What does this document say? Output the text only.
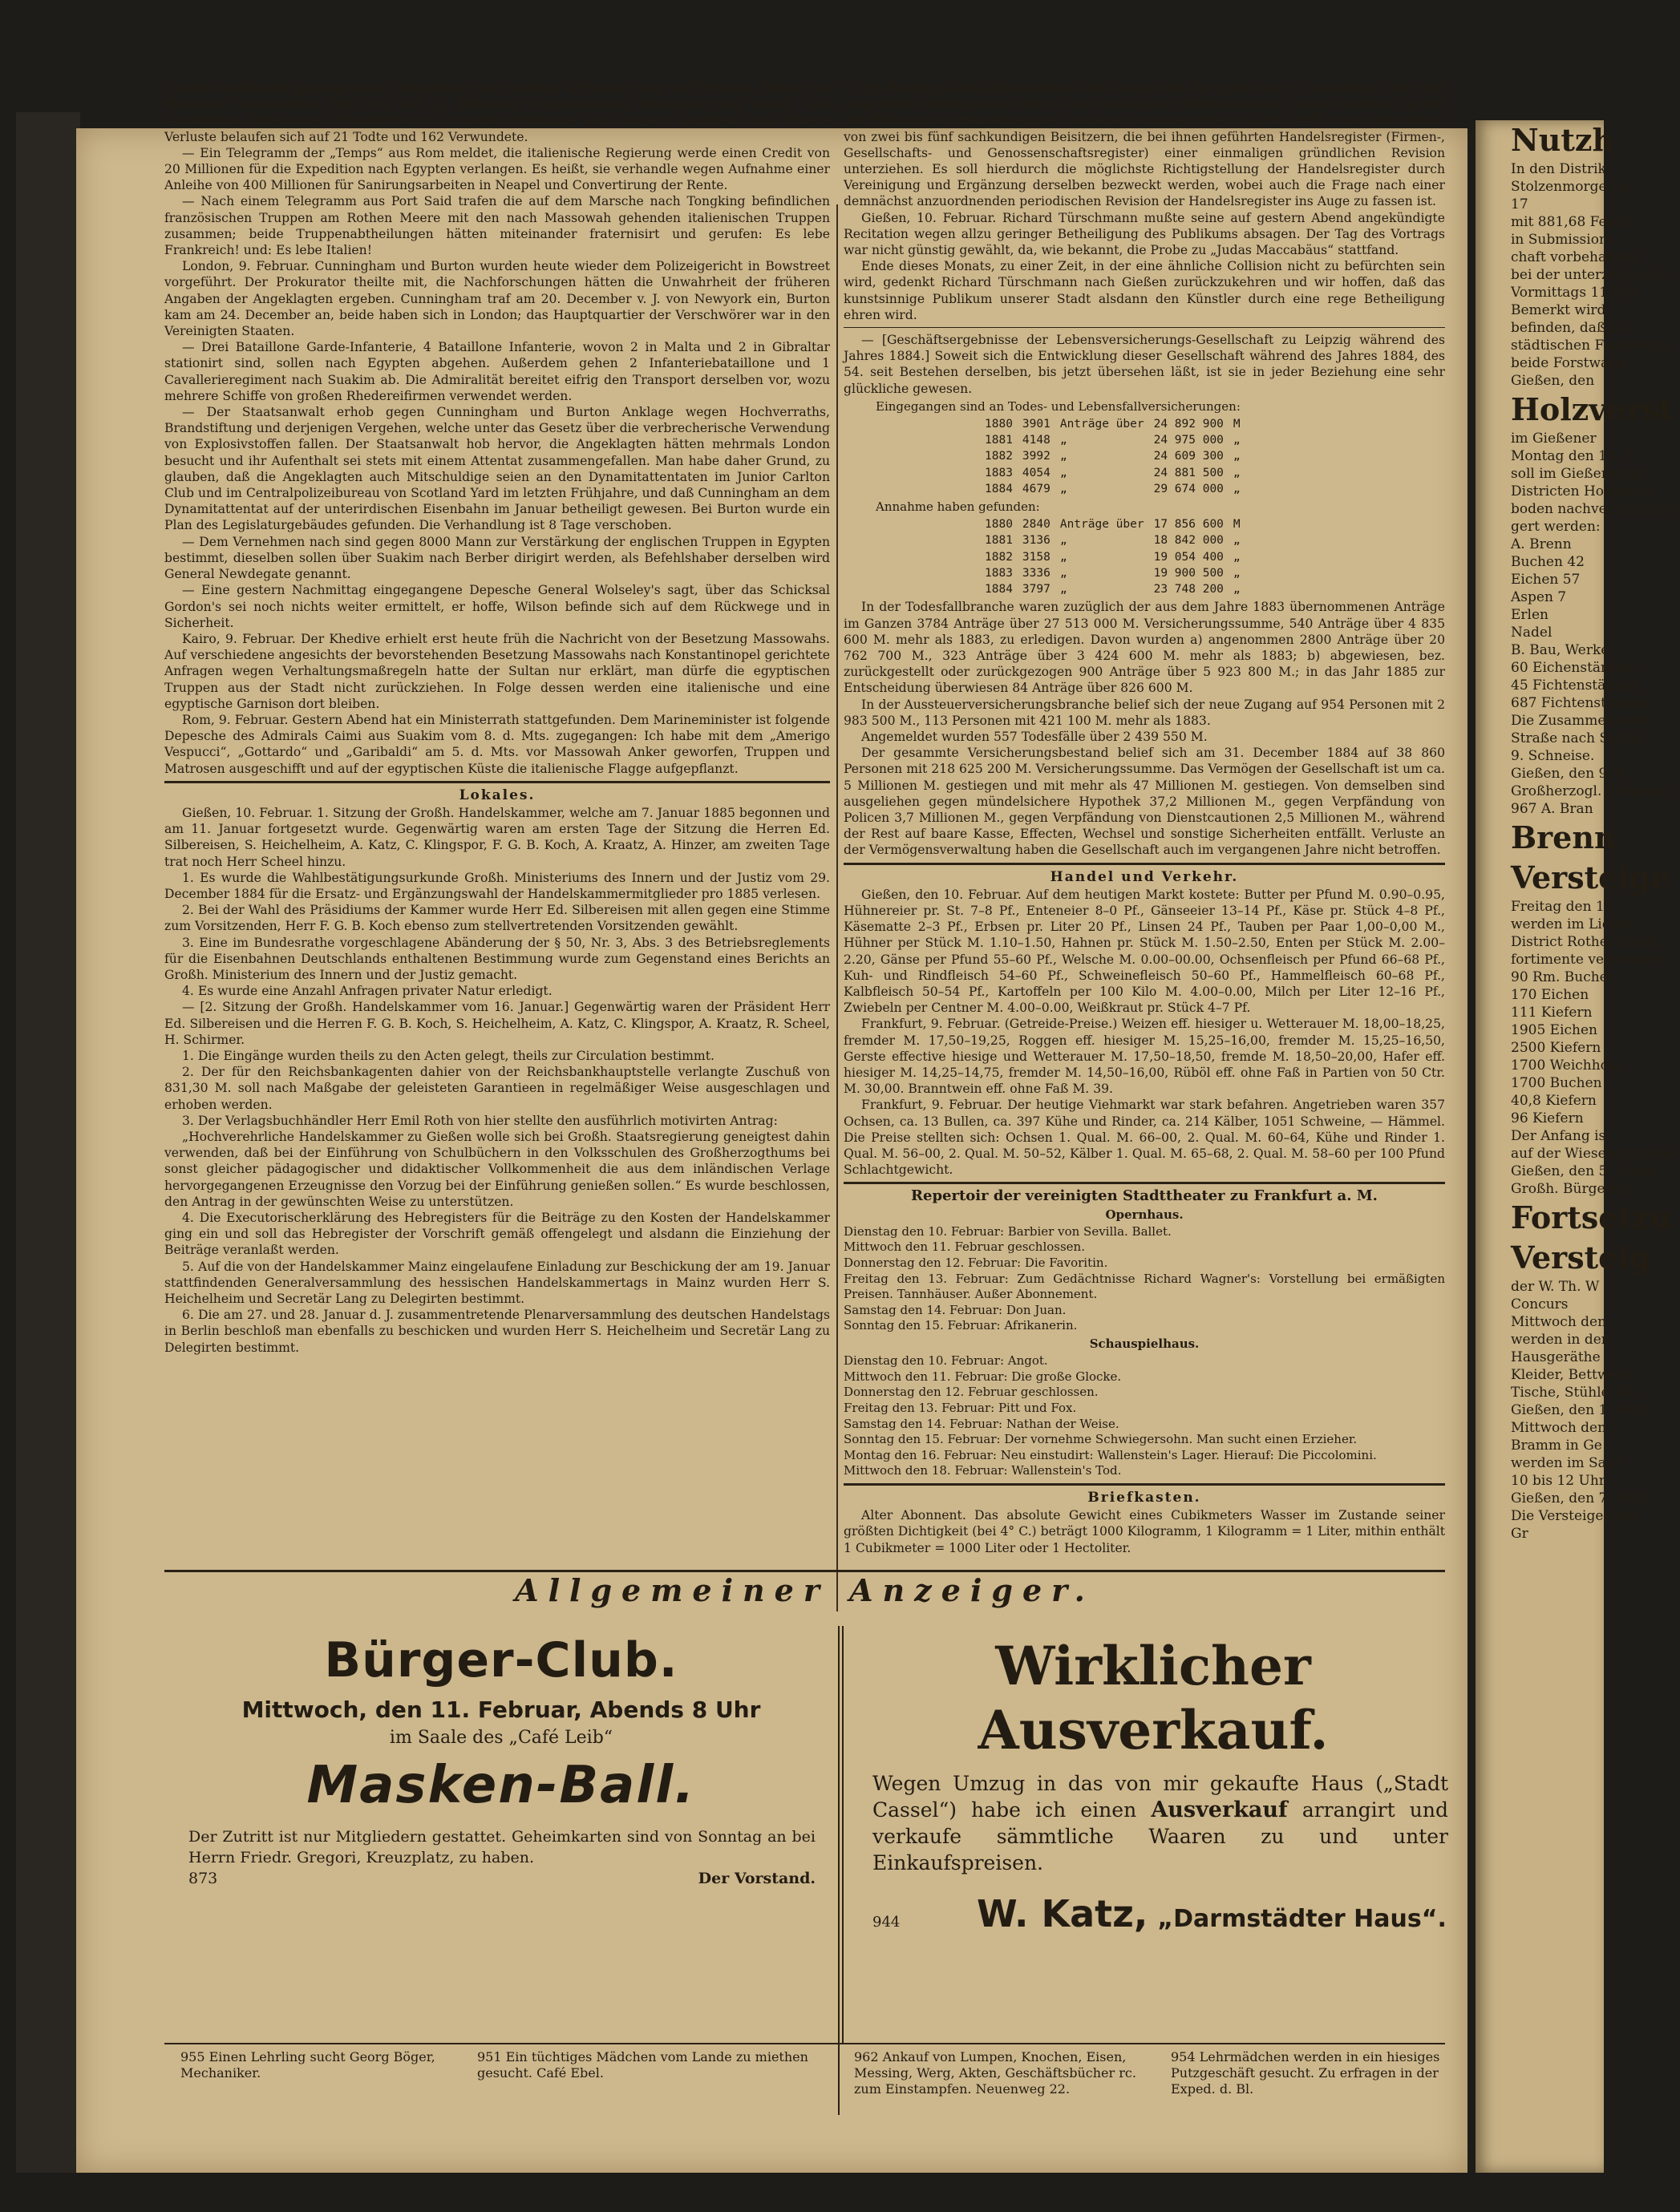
Feinde ohne Kampf geräumt waren, durchsucht und zerstört. Wir haben sehr viel Proviant, Pulver und Munition, vorgefunden. Eine bis auf 12 Kilometer vorgenommene Recognoscirung ergab, daß sämmtliche chinesischen Streitkräfte in schnellem Rückzuge auf Langson begriffen sind. Unsere Verluste belaufen sich auf 21 Todte und 162 Verwundete.

— Ein Telegramm der „Temps“ aus Rom meldet, die italienische Regierung werde einen Credit von 20 Millionen für die Expedition nach Egypten verlangen. Es heißt, sie verhandle wegen Aufnahme einer Anleihe von 400 Millionen für Sanirungsarbeiten in Neapel und Convertirung der Rente.

— Nach einem Telegramm aus Port Said trafen die auf dem Marsche nach Tongking befindlichen französischen Truppen am Rothen Meere mit den nach Massowah gehenden italienischen Truppen zusammen; beide Truppenabtheilungen hätten miteinander fraternisirt und gerufen: Es lebe Frankreich! und: Es lebe Italien!

London, 9. Februar. Cunningham und Burton wurden heute wieder dem Polizeigericht in Bowstreet vorgeführt. Der Prokurator theilte mit, die Nachforschungen hätten die Unwahrheit der früheren Angaben der Angeklagten ergeben. Cunningham traf am 20. December v. J. von Newyork ein, Burton kam am 24. December an, beide haben sich in London; das Hauptquartier der Verschwörer war in den Vereinigten Staaten.

— Drei Bataillone Garde-Infanterie, 4 Bataillone Infanterie, wovon 2 in Malta und 2 in Gibraltar stationirt sind, sollen nach Egypten abgehen. Außerdem gehen 2 Infanteriebataillone und 1 Cavallerieregiment nach Suakim ab. Die Admiralität bereitet eifrig den Transport derselben vor, wozu mehrere Schiffe von großen Rhedereifirmen verwendet werden.

— Der Staatsanwalt erhob gegen Cunningham und Burton Anklage wegen Hochverraths, Brandstiftung und derjenigen Vergehen, welche unter das Gesetz über die verbrecherische Verwendung von Explosivstoffen fallen. Der Staatsanwalt hob hervor, die Angeklagten hätten mehrmals London besucht und ihr Aufenthalt sei stets mit einem Attentat zusammengefallen. Man habe daher Grund, zu glauben, daß die Angeklagten auch Mitschuldige seien an den Dynamitattentaten im Junior Carlton Club und im Centralpolizeibureau von Scotland Yard im letzten Frühjahre, und daß Cunningham an dem Dynamitattentat auf der unterirdischen Eisenbahn im Januar betheiligt gewesen. Bei Burton wurde ein Plan des Legislaturgebäudes gefunden. Die Verhandlung ist 8 Tage verschoben.

— Dem Vernehmen nach sind gegen 8000 Mann zur Verstärkung der englischen Truppen in Egypten bestimmt, dieselben sollen über Suakim nach Berber dirigirt werden, als Befehlshaber derselben wird General Newdegate genannt.

— Eine gestern Nachmittag eingegangene Depesche General Wolseley's sagt, über das Schicksal Gordon's sei noch nichts weiter ermittelt, er hoffe, Wilson befinde sich auf dem Rückwege und in Sicherheit.

Kairo, 9. Februar. Der Khedive erhielt erst heute früh die Nachricht von der Besetzung Massowahs. Auf verschiedene angesichts der bevorstehenden Besetzung Massowahs nach Konstantinopel gerichtete Anfragen wegen Verhaltungsmaßregeln hatte der Sultan nur erklärt, man dürfe die egyptischen Truppen aus der Stadt nicht zurückziehen. In Folge dessen werden eine italienische und eine egyptische Garnison dort bleiben.

Rom, 9. Februar. Gestern Abend hat ein Ministerrath stattgefunden. Dem Marineminister ist folgende Depesche des Admirals Caimi aus Suakim vom 8. d. Mts. zugegangen: Ich habe mit dem „Amerigo Vespucci“, „Gottardo“ und „Garibaldi“ am 5. d. Mts. vor Massowah Anker geworfen, Truppen und Matrosen ausgeschifft und auf der egyptischen Küste die italienische Flagge aufgepflanzt.

Lokales.

Gießen, 10. Februar. 1. Sitzung der Großh. Handelskammer, welche am 7. Januar 1885 begonnen und am 11. Januar fortgesetzt wurde. Gegenwärtig waren am ersten Tage der Sitzung die Herren Ed. Silbereisen, S. Heichelheim, A. Katz, C. Klingspor, F. G. B. Koch, A. Kraatz, A. Hinzer, am zweiten Tage trat noch Herr Scheel hinzu.

1. Es wurde die Wahlbestätigungsurkunde Großh. Ministeriums des Innern und der Justiz vom 29. December 1884 für die Ersatz- und Ergänzungswahl der Handelskammermitglieder pro 1885 verlesen.

2. Bei der Wahl des Präsidiums der Kammer wurde Herr Ed. Silbereisen mit allen gegen eine Stimme zum Vorsitzenden, Herr F. G. B. Koch ebenso zum stellvertretenden Vorsitzenden gewählt.

3. Eine im Bundesrathe vorgeschlagene Abänderung der § 50, Nr. 3, Abs. 3 des Betriebsreglements für die Eisenbahnen Deutschlands enthaltenen Bestimmung wurde zum Gegenstand eines Berichts an Großh. Ministerium des Innern und der Justiz gemacht.

4. Es wurde eine Anzahl Anfragen privater Natur erledigt.

— [2. Sitzung der Großh. Handelskammer vom 16. Januar.] Gegenwärtig waren der Präsident Herr Ed. Silbereisen und die Herren F. G. B. Koch, S. Heichelheim, A. Katz, C. Klingspor, A. Kraatz, R. Scheel, H. Schirmer.

1. Die Eingänge wurden theils zu den Acten gelegt, theils zur Circulation bestimmt.

2. Der für den Reichsbankagenten dahier von der Reichsbankhauptstelle verlangte Zuschuß von 831,30 M. soll nach Maßgabe der geleisteten Garantieen in regelmäßiger Weise ausgeschlagen und erhoben werden.

3. Der Verlagsbuchhändler Herr Emil Roth von hier stellte den ausführlich motivirten Antrag:

„Hochverehrliche Handelskammer zu Gießen wolle sich bei Großh. Staatsregierung geneigtest dahin verwenden, daß bei der Einführung von Schulbüchern in den Volksschulen des Großherzogthums bei sonst gleicher pädagogischer und didaktischer Vollkommenheit die aus dem inländischen Verlage hervorgegangenen Erzeugnisse den Vorzug bei der Einführung genießen sollen.“ Es wurde beschlossen, den Antrag in der gewünschten Weise zu unterstützen.

4. Die Executorischerklärung des Hebregisters für die Beiträge zu den Kosten der Handelskammer ging ein und soll das Hebregister der Vorschrift gemäß offengelegt und alsdann die Einziehung der Beiträge veranlaßt werden.

5. Auf die von der Handelskammer Mainz eingelaufene Einladung zur Beschickung der am 19. Januar stattfindenden Generalversammlung des hessischen Handelskammertags in Mainz wurden Herr S. Heichelheim und Secretär Lang zu Delegirten bestimmt.

6. Die am 27. und 28. Januar d. J. zusammentretende Plenarversammlung des deutschen Handelstags in Berlin beschloß man ebenfalls zu beschicken und wurden Herr S. Heichelheim und Secretär Lang zu Delegirten bestimmt.

7. Ein Rescript Großh. Ministeriums des Innern und der Justiz vom 6. December 1884 trifft eingehende Bestimmungen über eine Revision der Handelsregister. Danach werden die mit der Führung der Handelsregister betrauten Amtsgerichte im Jahre 1885 unter Mitwirkung von zwei bis fünf sachkundigen Beisitzern, die bei ihnen geführten Handelsregister (Firmen-, Gesellschafts- und Genossenschaftsregister) einer einmaligen gründlichen Revision unterziehen. Es soll hierdurch die möglichste Richtigstellung der Handelsregister durch Vereinigung und Ergänzung derselben bezweckt werden, wobei auch die Frage nach einer demnächst anzuordnenden periodischen Revision der Handelsregister ins Auge zu fassen ist.

Gießen, 10. Februar. Richard Türschmann mußte seine auf gestern Abend angekündigte Recitation wegen allzu geringer Betheiligung des Publikums absagen. Der Tag des Vortrags war nicht günstig gewählt, da, wie bekannt, die Probe zu „Judas Maccabäus“ stattfand.

Ende dieses Monats, zu einer Zeit, in der eine ähnliche Collision nicht zu befürchten sein wird, gedenkt Richard Türschmann nach Gießen zurückzukehren und wir hoffen, daß das kunstsinnige Publikum unserer Stadt alsdann den Künstler durch eine rege Betheiligung ehren wird.

— [Geschäftsergebnisse der Lebensversicherungs-Gesellschaft zu Leipzig während des Jahres 1884.] Soweit sich die Entwicklung dieser Gesellschaft während des Jahres 1884, des 54. seit Bestehen derselben, bis jetzt übersehen läßt, ist sie in jeder Beziehung eine sehr glückliche gewesen.

Eingegangen sind an Todes- und Lebensfallversicherungen:
1880	3901	Anträge über	24 892 900	M
1881	4148	„	24 975 000	„
1882	3992	„	24 609 300	„
1883	4054	„	24 881 500	„
1884	4679	„	29 674 000	„
Annahme haben gefunden:
1880	2840	Anträge über	17 856 600	M
1881	3136	„	18 842 000	„
1882	3158	„	19 054 400	„
1883	3336	„	19 900 500	„
1884	3797	„	23 748 200	„

In der Todesfallbranche waren zuzüglich der aus dem Jahre 1883 übernommenen Anträge im Ganzen 3784 Anträge über 27 513 000 M. Versicherungssumme, 540 Anträge über 4 835 600 M. mehr als 1883, zu erledigen. Davon wurden a) angenommen 2800 Anträge über 20 762 700 M., 323 Anträge über 3 424 600 M. mehr als 1883; b) abgewiesen, bez. zurückgestellt oder zurückgezogen 900 Anträge über 5 923 800 M.; in das Jahr 1885 zur Entscheidung überwiesen 84 Anträge über 826 600 M.

In der Aussteuerversicherungsbranche belief sich der neue Zugang auf 954 Personen mit 2 983 500 M., 113 Personen mit 421 100 M. mehr als 1883.

Angemeldet wurden 557 Todesfälle über 2 439 550 M.

Der gesammte Versicherungsbestand belief sich am 31. December 1884 auf 38 860 Personen mit 218 625 200 M. Versicherungssumme. Das Vermögen der Gesellschaft ist um ca. 5 Millionen M. gestiegen und mit mehr als 47 Millionen M. gestiegen. Von demselben sind ausgeliehen gegen mündelsichere Hypothek 37,2 Millionen M., gegen Verpfändung von Policen 3,7 Millionen M., gegen Verpfändung von Dienstcautionen 2,5 Millionen M., während der Rest auf baare Kasse, Effecten, Wechsel und sonstige Sicherheiten entfällt. Verluste an der Vermögensverwaltung haben die Gesellschaft auch im vergangenen Jahre nicht betroffen.

Handel und Verkehr.

Gießen, den 10. Februar. Auf dem heutigen Markt kostete: Butter per Pfund M. 0.90–0.95, Hühnereier pr. St. 7–8 Pf., Enteneier 8–0 Pf., Gänseeier 13–14 Pf., Käse pr. Stück 4–8 Pf., Käsematte 2–3 Pf., Erbsen pr. Liter 20 Pf., Linsen 24 Pf., Tauben per Paar 1,00–0,00 M., Hühner per Stück M. 1.10–1.50, Hahnen pr. Stück M. 1.50–2.50, Enten per Stück M. 2.00–2.20, Gänse per Pfund 55–60 Pf., Welsche M. 0.00–00.00, Ochsenfleisch per Pfund 66–68 Pf., Kuh- und Rindfleisch 54–60 Pf., Schweinefleisch 50–60 Pf., Hammelfleisch 60–68 Pf., Kalbfleisch 50–54 Pf., Kartoffeln per 100 Kilo M. 4.00–0.00, Milch per Liter 12–16 Pf., Zwiebeln per Centner M. 4.00–0.00, Weißkraut pr. Stück 4–7 Pf.

Frankfurt, 9. Februar. (Getreide-Preise.) Weizen eff. hiesiger u. Wetterauer M. 18,00–18,25, fremder M. 17,50–19,25, Roggen eff. hiesiger M. 15,25–16,00, fremder M. 15,25–16,50, Gerste effective hiesige und Wetterauer M. 17,50–18,50, fremde M. 18,50–20,00, Hafer eff. hiesiger M. 14,25–14,75, fremder M. 14,50–16,00, Rüböl eff. ohne Faß in Partien von 50 Ctr. M. 30,00. Branntwein eff. ohne Faß M. 39.

Frankfurt, 9. Februar. Der heutige Viehmarkt war stark befahren. Angetrieben waren 357 Ochsen, ca. 13 Bullen, ca. 397 Kühe und Rinder, ca. 214 Kälber, 1051 Schweine, — Hämmel. Die Preise stellten sich: Ochsen 1. Qual. M. 66–00, 2. Qual. M. 60–64, Kühe und Rinder 1. Qual. M. 56–00, 2. Qual. M. 50–52, Kälber 1. Qual. M. 65–68, 2. Qual. M. 58–60 per 100 Pfund Schlachtgewicht.

Repertoir der vereinigten Stadttheater zu Frankfurt a. M.
Opernhaus.
Dienstag den 10. Februar: Barbier von Sevilla. Ballet.
Mittwoch den 11. Februar geschlossen.
Donnerstag den 12. Februar: Die Favoritin.
Freitag den 13. Februar: Zum Gedächtnisse Richard Wagner's: Vorstellung bei ermäßigten Preisen. Tannhäuser. Außer Abonnement.
Samstag den 14. Februar: Don Juan.
Sonntag den 15. Februar: Afrikanerin.
Schauspielhaus.
Dienstag den 10. Februar: Angot.
Mittwoch den 11. Februar: Die große Glocke.
Donnerstag den 12. Februar geschlossen.
Freitag den 13. Februar: Pitt und Fox.
Samstag den 14. Februar: Nathan der Weise.
Sonntag den 15. Februar: Der vornehme Schwiegersohn. Man sucht einen Erzieher.
Montag den 16. Februar: Neu einstudirt: Wallenstein's Lager. Hierauf: Die Piccolomini.
Mittwoch den 18. Februar: Wallenstein's Tod.
Briefkasten.

Alter Abonnent. Das absolute Gewicht eines Cubikmeters Wasser im Zustande seiner größten Dichtigkeit (bei 4° C.) beträgt 1000 Kilogramm, 1 Kilogramm = 1 Liter, mithin enthält 1 Cubikmeter = 1000 Liter oder 1 Hectoliter.

Allgemeiner Anzeiger.
Bürger-Club.
Mittwoch, den 11. Februar, Abends 8 Uhr
im Saale des „Café Leib“
Masken-Ball.
Der Zutritt ist nur Mitgliedern gestattet. Geheimkarten sind von Sonntag an bei Herrn Friedr. Gregori, Kreuzplatz, zu haben.
873	Der Vorstand.
Wirklicher Ausverkauf.
Wegen Umzug in das von mir gekaufte Haus („Stadt Cassel“) habe ich einen Ausverkauf arrangirt und verkaufe sämmtliche Waaren zu und unter Einkaufspreisen.
944	W. Katz, „Darmstädter Haus“.
955 Einen Lehrling sucht Georg Böger, Mechaniker.
951 Ein tüchtiges Mädchen vom Lande zu miethen gesucht. Café Ebel.
962 Ankauf von Lumpen, Knochen, Eisen, Messing, Werg, Akten, Geschäftsbücher rc. zum Einstampfen. Neuenweg 22.
954 Lehrmädchen werden in ein hiesiges Putzgeschäft gesucht. Zu erfragen in der Exped. d. Bl.
Nutzh
In den Distrik
Stolzenmorgen u
17
mit 881,68 Festm
in Submissions
chaft vorbehaltlich
bei der unterzeichnete
Vormittags 11 Uhr
Bemerkt wird,
befinden, daß Lo
städtischen Forstwarte
beide Forstwarte
Gießen, den
Holzverst
im Gießener
Montag den 16. F
soll im Gießener St
Districten Hochwart
boden nachverzeichnete
gert werden:
A. Brenn
Buchen 42
Eichen 57
Aspen 7
Erlen
Nadel
B. Bau, Werke
60 Eichenstämme
45 Fichtenstämme
687 Fichtenstangen
Die Zusammenkunft
Straße nach Steinb
9. Schneise.
Gießen, den 9. F
Großherzogl. Bürgerm
967 A. Bran
Brenn
Versteige
Freitag den 13.
werden im Lieber
District Rotherschulz
fortimente versteigert
90 Rm. Buchen
170 Eichen
111 Kiefern
1905 Eichen
2500 Kiefern
1700 Weichholz
1700 Buchen
40,8 Kiefern
96 Kiefern
Der Anfang ist
auf der Wiesenschneise
Gießen, den 5. Febru
Großh. Bürgerme
Fortsetzu
Versteig
der W. Th. W
Concurs
Mittwoch den
werden in den
Hausgeräthe
Kleider, Bettwerk
Tische, Stühle, Ko
Gießen, den 1. Febr
Mittwoch den 1
Bramm in Ge
werden im Saal
10 bis 12 Uhr
Gießen, den 7. Febr
Die Versteigerung
Gr
